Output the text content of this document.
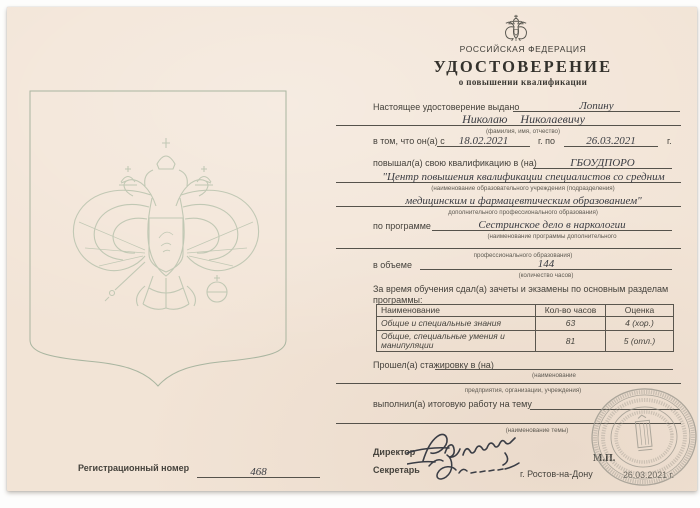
Регистрационный номер	468
РОССИЙСКАЯ ФЕДЕРАЦИЯ
УДОСТОВЕРЕНИЕ
о повышении квалификации
Настоящее удостоверение выдано	Лопину
Николаю Николаевичу
(фамилия, имя, отчество)
в том, что он(а) с	18.02.2021	г. по	26.03.2021	г.
повышал(а) свою квалификацию в (на)	ГБОУДПОРО
"Центр повышения квалификации специалистов со средним
(наименование образовательного учреждения (подразделения)
медицинским и фармацевтическим образованием"
дополнительного профессионального образования)
по программе	Сестринское дело в наркологии
(наименование программы дополнительного
профессионального образования)
в объеме	144
(количество часов)
За время обучения сдал(а) зачеты и экзамены по основным разделам
программы:
Наименование	Кол-во часов	Оценка
Общие и специальные знания	63	4 (хор.)
Общие, специальные умения и манипуляции	81	5 (отл.)
Прошел(а) стажировку в (на)
(наименование
предприятия, организации, учреждения)
выполнил(а) итоговую работу на тему
(наименование темы)
Директор
М.П.
Секретарь	г. Ростов-на-Дону	26.03.2021 г.
